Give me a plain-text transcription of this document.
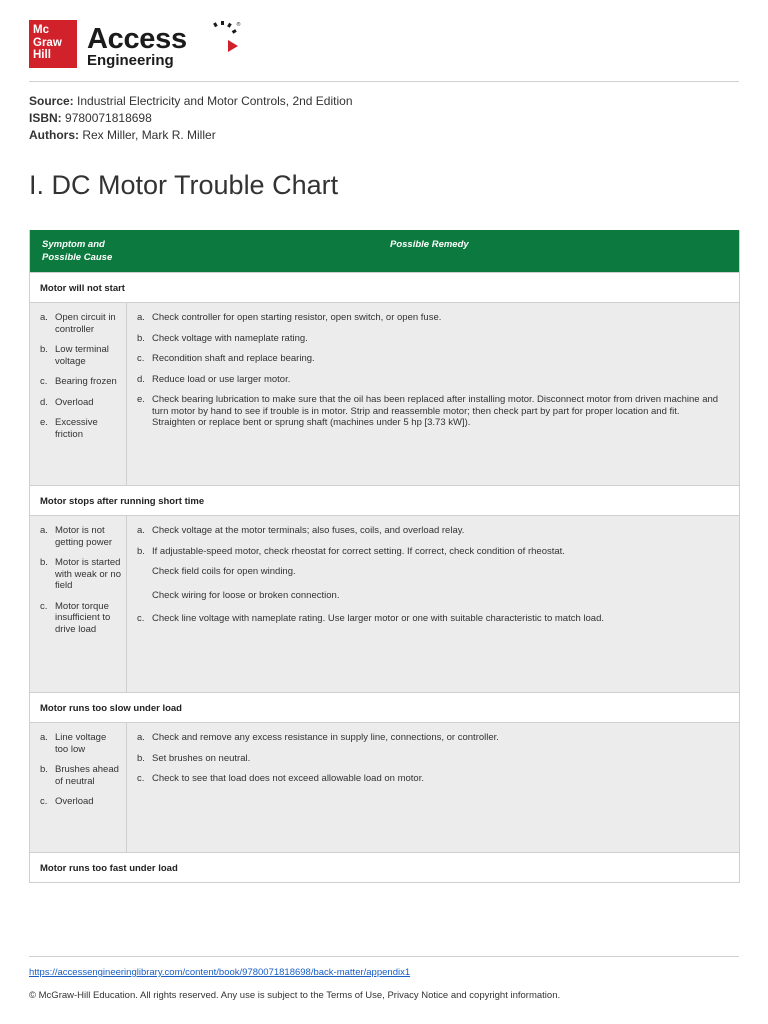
Mc
Graw
Hill	Access
Engineering
®
Source: Industrial Electricity and Motor Controls, 2nd Edition
ISBN: 9780071818698
Authors: Rex Miller, Mark R. Miller
I. DC Motor Trouble Chart
Symptom and Possible Cause
Possible Remedy
Motor will not start
a. Open circuit in controller
b. Low terminal voltage
c. Bearing frozen
d. Overload
e. Excessive friction
a. Check controller for open starting resistor, open switch, or open fuse.
b. Check voltage with nameplate rating.
c. Recondition shaft and replace bearing.
d. Reduce load or use larger motor.
e. Check bearing lubrication to make sure that the oil has been replaced after installing motor. Disconnect motor from driven machine and turn motor by hand to see if trouble is in motor. Strip and reassemble motor; then check part by part for proper location and fit. Straighten or replace bent or sprung shaft (machines under 5 hp [3.73 kW]).
Motor stops after running short time
a. Motor is not getting power
b. Motor is started with weak or no field
c. Motor torque insufficient to drive load
a. Check voltage at the motor terminals; also fuses, coils, and overload relay.
b. If adjustable-speed motor, check rheostat for correct setting. If correct, check condition of rheostat.
Check field coils for open winding.
Check wiring for loose or broken connection.
c. Check line voltage with nameplate rating. Use larger motor or one with suitable characteristic to match load.
Motor runs too slow under load
a. Line voltage too low
b. Brushes ahead of neutral
c. Overload
a. Check and remove any excess resistance in supply line, connections, or controller.
b. Set brushes on neutral.
c. Check to see that load does not exceed allowable load on motor.
Motor runs too fast under load
https://accessengineeringlibrary.com/content/book/9780071818698/back-matter/appendix1
© McGraw-Hill Education. All rights reserved. Any use is subject to the Terms of Use, Privacy Notice and copyright information.
